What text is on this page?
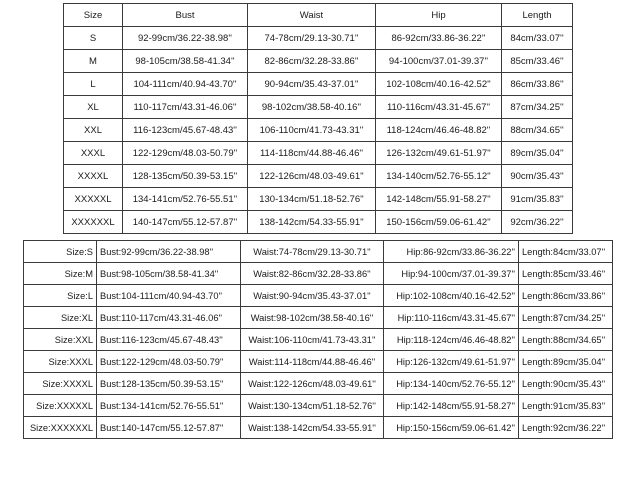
Size	Bust	Waist	Hip	Length
S	92-99cm/36.22-38.98''	74-78cm/29.13-30.71''	86-92cm/33.86-36.22''	84cm/33.07''
M	98-105cm/38.58-41.34''	82-86cm/32.28-33.86''	94-100cm/37.01-39.37''	85cm/33.46''
L	104-111cm/40.94-43.70''	90-94cm/35.43-37.01''	102-108cm/40.16-42.52''	86cm/33.86''
XL	110-117cm/43.31-46.06''	98-102cm/38.58-40.16''	110-116cm/43.31-45.67''	87cm/34.25''
XXL	116-123cm/45.67-48.43''	106-110cm/41.73-43.31''	118-124cm/46.46-48.82''	88cm/34.65''
XXXL	122-129cm/48.03-50.79''	114-118cm/44.88-46.46''	126-132cm/49.61-51.97''	89cm/35.04''
XXXXL	128-135cm/50.39-53.15''	122-126cm/48.03-49.61''	134-140cm/52.76-55.12''	90cm/35.43''
XXXXXL	134-141cm/52.76-55.51''	130-134cm/51.18-52.76''	142-148cm/55.91-58.27''	91cm/35.83''
XXXXXXL	140-147cm/55.12-57.87''	138-142cm/54.33-55.91''	150-156cm/59.06-61.42''	92cm/36.22''
Size:S	Bust:92-99cm/36.22-38.98''	Waist:74-78cm/29.13-30.71''	Hip:86-92cm/33.86-36.22''	Length:84cm/33.07''
Size:M	Bust:98-105cm/38.58-41.34''	Waist:82-86cm/32.28-33.86''	Hip:94-100cm/37.01-39.37''	Length:85cm/33.46''
Size:L	Bust:104-111cm/40.94-43.70''	Waist:90-94cm/35.43-37.01''	Hip:102-108cm/40.16-42.52''	Length:86cm/33.86''
Size:XL	Bust:110-117cm/43.31-46.06''	Waist:98-102cm/38.58-40.16''	Hip:110-116cm/43.31-45.67''	Length:87cm/34.25''
Size:XXL	Bust:116-123cm/45.67-48.43''	Waist:106-110cm/41.73-43.31''	Hip:118-124cm/46.46-48.82''	Length:88cm/34.65''
Size:XXXL	Bust:122-129cm/48.03-50.79''	Waist:114-118cm/44.88-46.46''	Hip:126-132cm/49.61-51.97''	Length:89cm/35.04''
Size:XXXXL	Bust:128-135cm/50.39-53.15''	Waist:122-126cm/48.03-49.61''	Hip:134-140cm/52.76-55.12''	Length:90cm/35.43''
Size:XXXXXL	Bust:134-141cm/52.76-55.51''	Waist:130-134cm/51.18-52.76''	Hip:142-148cm/55.91-58.27''	Length:91cm/35.83''
Size:XXXXXXL	Bust:140-147cm/55.12-57.87''	Waist:138-142cm/54.33-55.91''	Hip:150-156cm/59.06-61.42''	Length:92cm/36.22''
